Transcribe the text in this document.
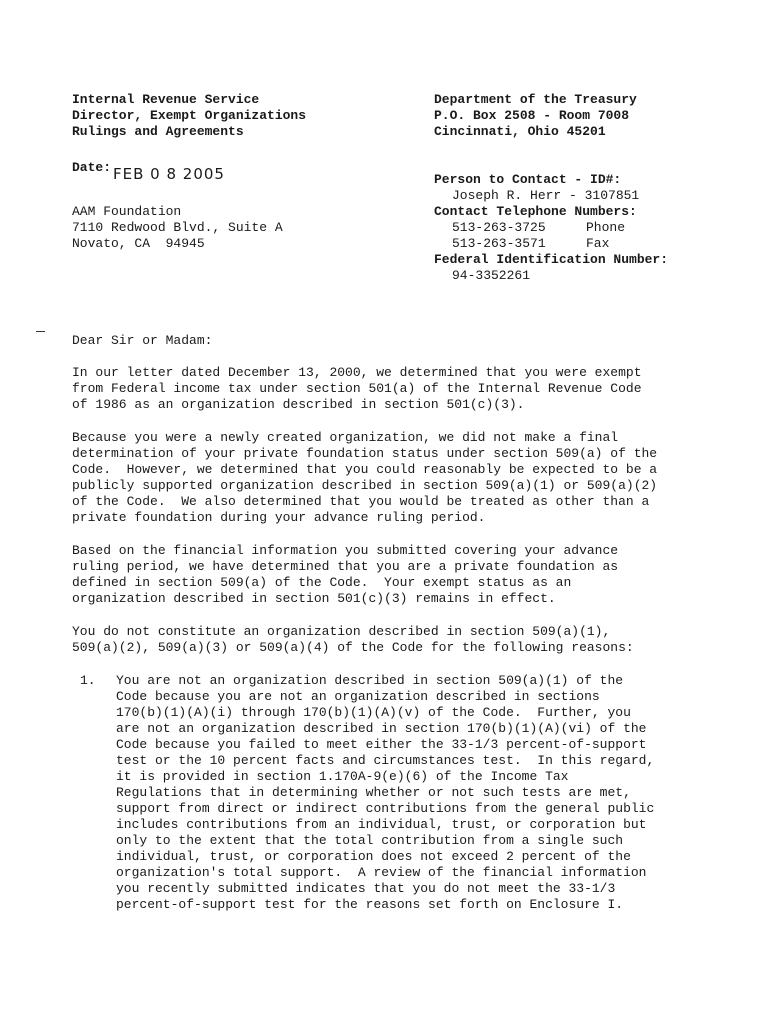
Internal Revenue Service
Director, Exempt Organizations
Rulings and Agreements
Department of the Treasury
P.O. Box 2508 - Room 7008
Cincinnati, Ohio 45201
Date: FEB 0 8 2005	Person to Contact - ID#:
Joseph R. Herr - 3107851
Contact Telephone Numbers:
513-263-3725	Phone
513-263-3571	Fax
Federal Identification Number:
94-3352261
AAM Foundation
7110 Redwood Blvd., Suite A
Novato, CA  94945
Dear Sir or Madam:
In our letter dated December 13, 2000, we determined that you were exempt
from Federal income tax under section 501(a) of the Internal Revenue Code
of 1986 as an organization described in section 501(c)(3).
Because you were a newly created organization, we did not make a final
determination of your private foundation status under section 509(a) of the
Code.  However, we determined that you could reasonably be expected to be a
publicly supported organization described in section 509(a)(1) or 509(a)(2)
of the Code.  We also determined that you would be treated as other than a
private foundation during your advance ruling period.
Based on the financial information you submitted covering your advance
ruling period, we have determined that you are a private foundation as
defined in section 509(a) of the Code.  Your exempt status as an
organization described in section 501(c)(3) remains in effect.
You do not constitute an organization described in section 509(a)(1),
509(a)(2), 509(a)(3) or 509(a)(4) of the Code for the following reasons:
1. You are not an organization described in section 509(a)(1) of the
Code because you are not an organization described in sections
170(b)(1)(A)(i) through 170(b)(1)(A)(v) of the Code.  Further, you
are not an organization described in section 170(b)(1)(A)(vi) of the
Code because you failed to meet either the 33-1/3 percent-of-support
test or the 10 percent facts and circumstances test.  In this regard,
it is provided in section 1.170A-9(e)(6) of the Income Tax
Regulations that in determining whether or not such tests are met,
support from direct or indirect contributions from the general public
includes contributions from an individual, trust, or corporation but
only to the extent that the total contribution from a single such
individual, trust, or corporation does not exceed 2 percent of the
organization's total support.  A review of the financial information
you recently submitted indicates that you do not meet the 33-1/3
percent-of-support test for the reasons set forth on Enclosure I.
